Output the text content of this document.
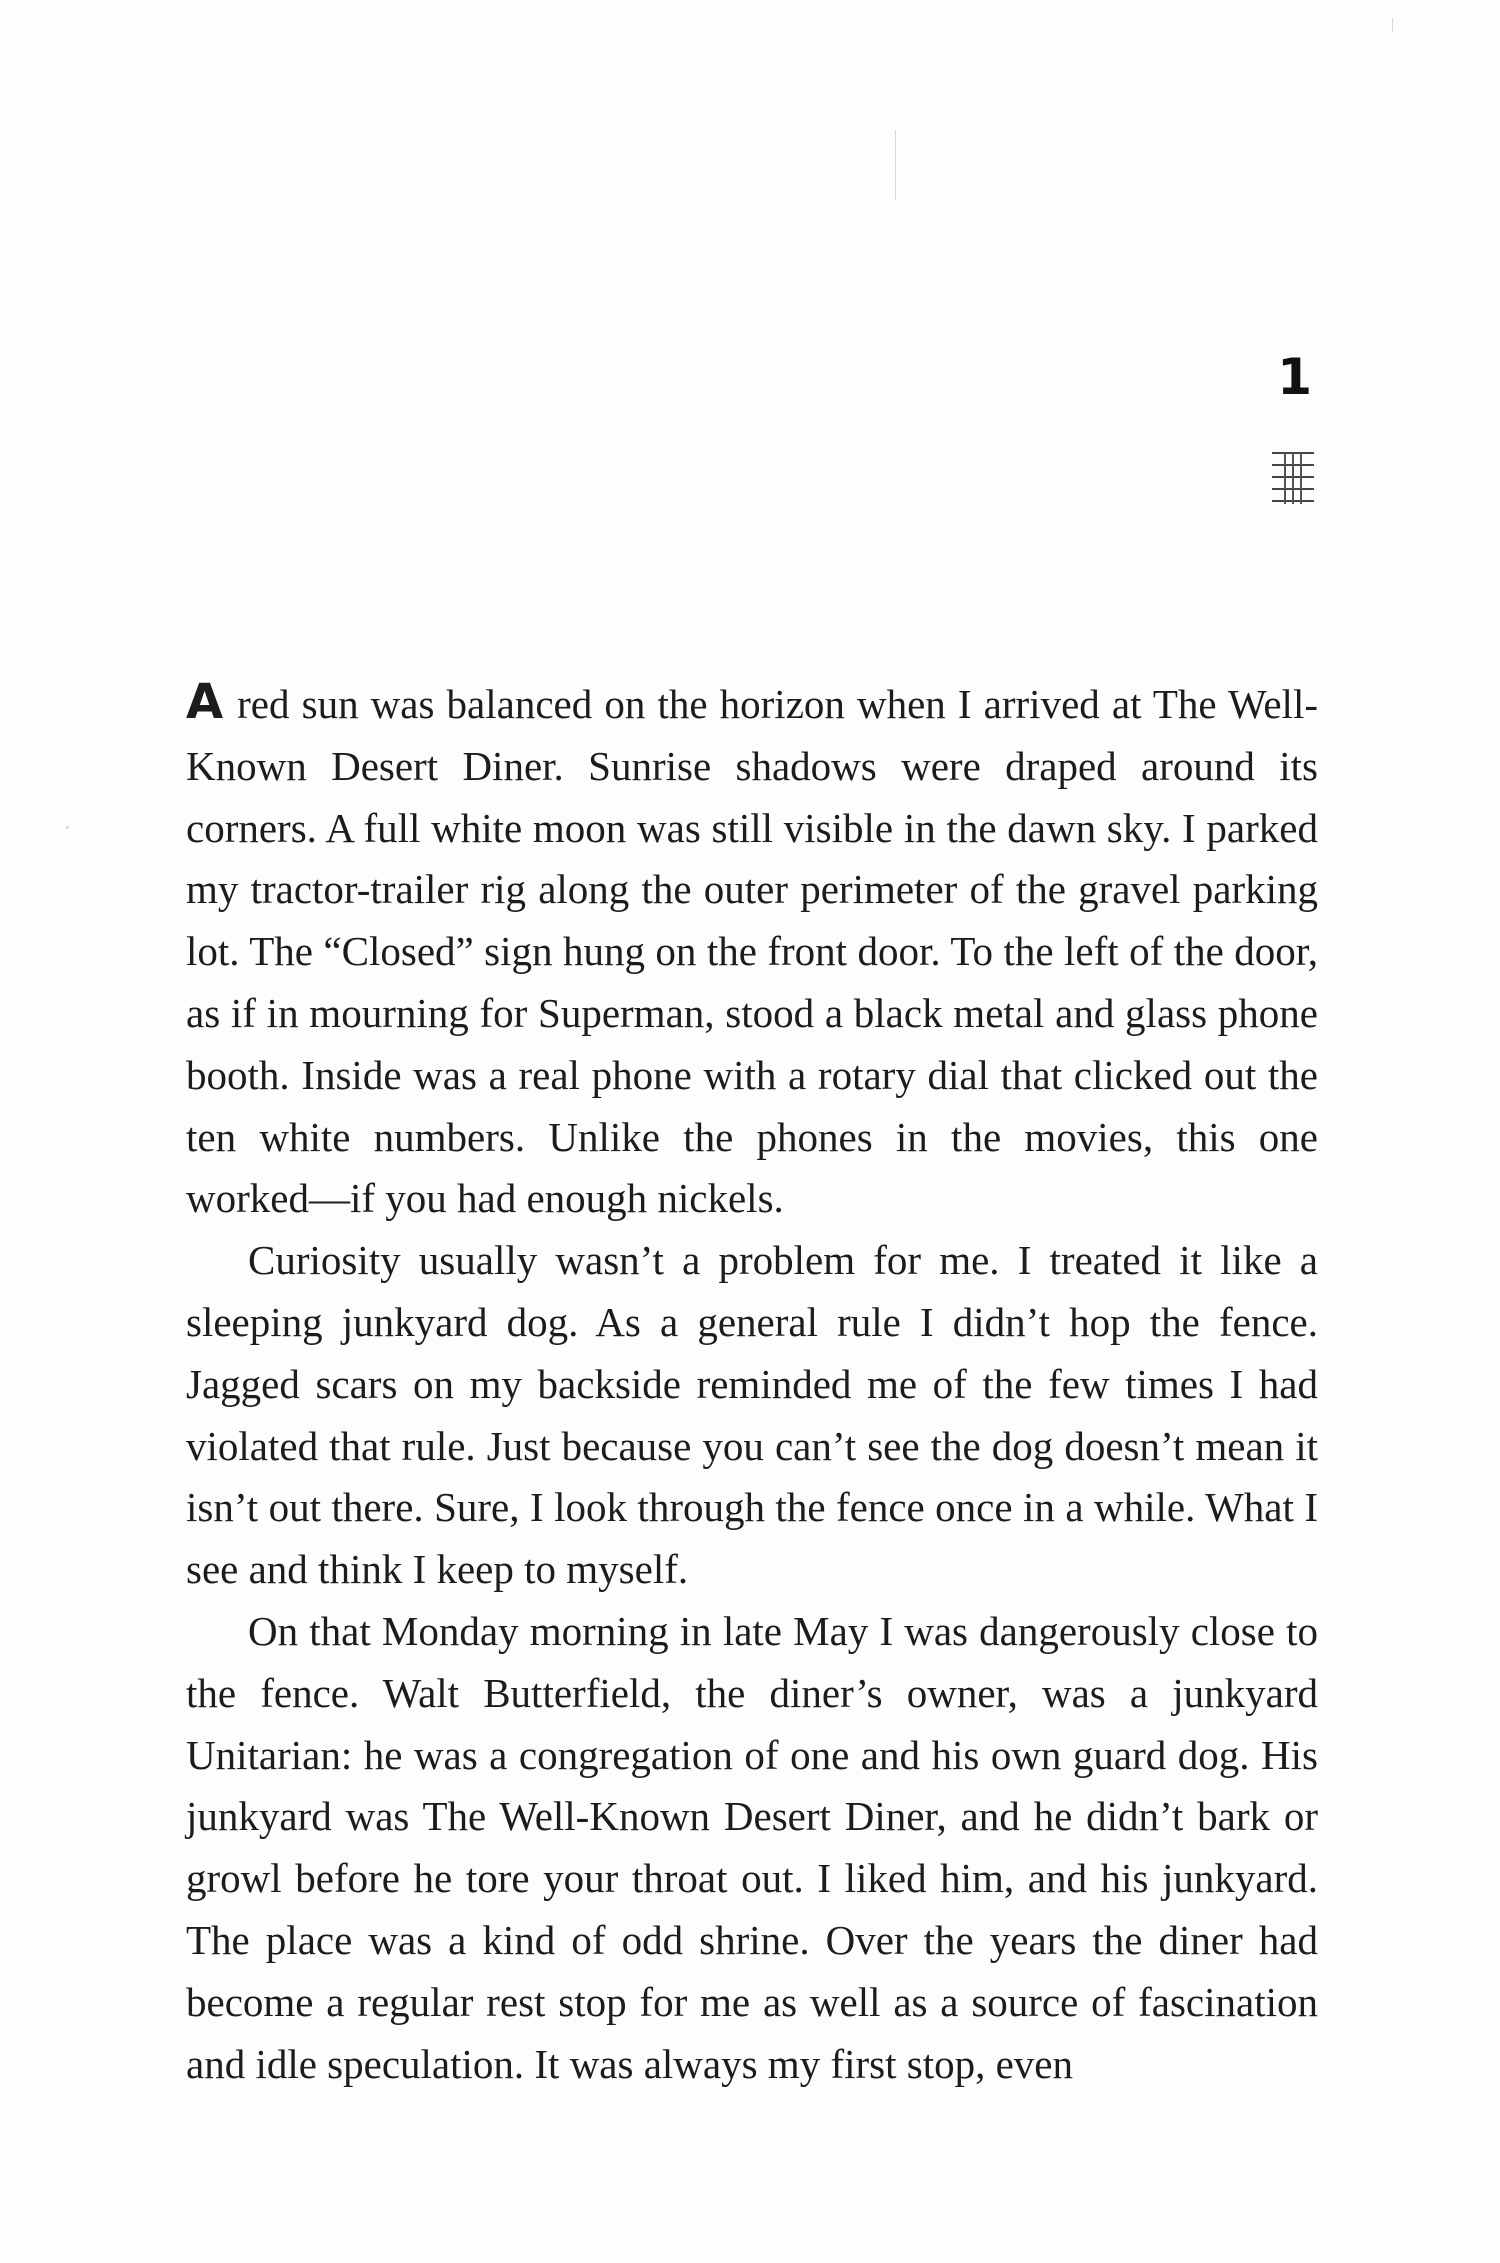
1

A red sun was balanced on the horizon when I arrived at The Well-Known Desert Diner. Sunrise shadows were draped around its corners. A full white moon was still visible in the dawn sky. I parked my tractor-trailer rig along the outer perimeter of the gravel parking lot. The “Closed” sign hung on the front door. To the left of the door, as if in mourning for Superman, stood a black metal and glass phone booth. Inside was a real phone with a rotary dial that clicked out the ten white numbers. Unlike the phones in the movies, this one worked—if you had enough nickels.

Curiosity usually wasn’t a problem for me. I treated it like a sleeping junkyard dog. As a general rule I didn’t hop the fence. Jagged scars on my backside reminded me of the few times I had violated that rule. Just because you can’t see the dog doesn’t mean it isn’t out there. Sure, I look through the fence once in a while. What I see and think I keep to myself.

On that Monday morning in late May I was dangerously close to the fence. Walt Butterfield, the diner’s owner, was a junkyard Unitarian: he was a congregation of one and his own guard dog. His junkyard was The Well-Known Desert Diner, and he didn’t bark or growl before he tore your throat out. I liked him, and his junkyard. The place was a kind of odd shrine. Over the years the diner had become a regular rest stop for me as well as a source of fascination and idle speculation. It was always my first stop, even
